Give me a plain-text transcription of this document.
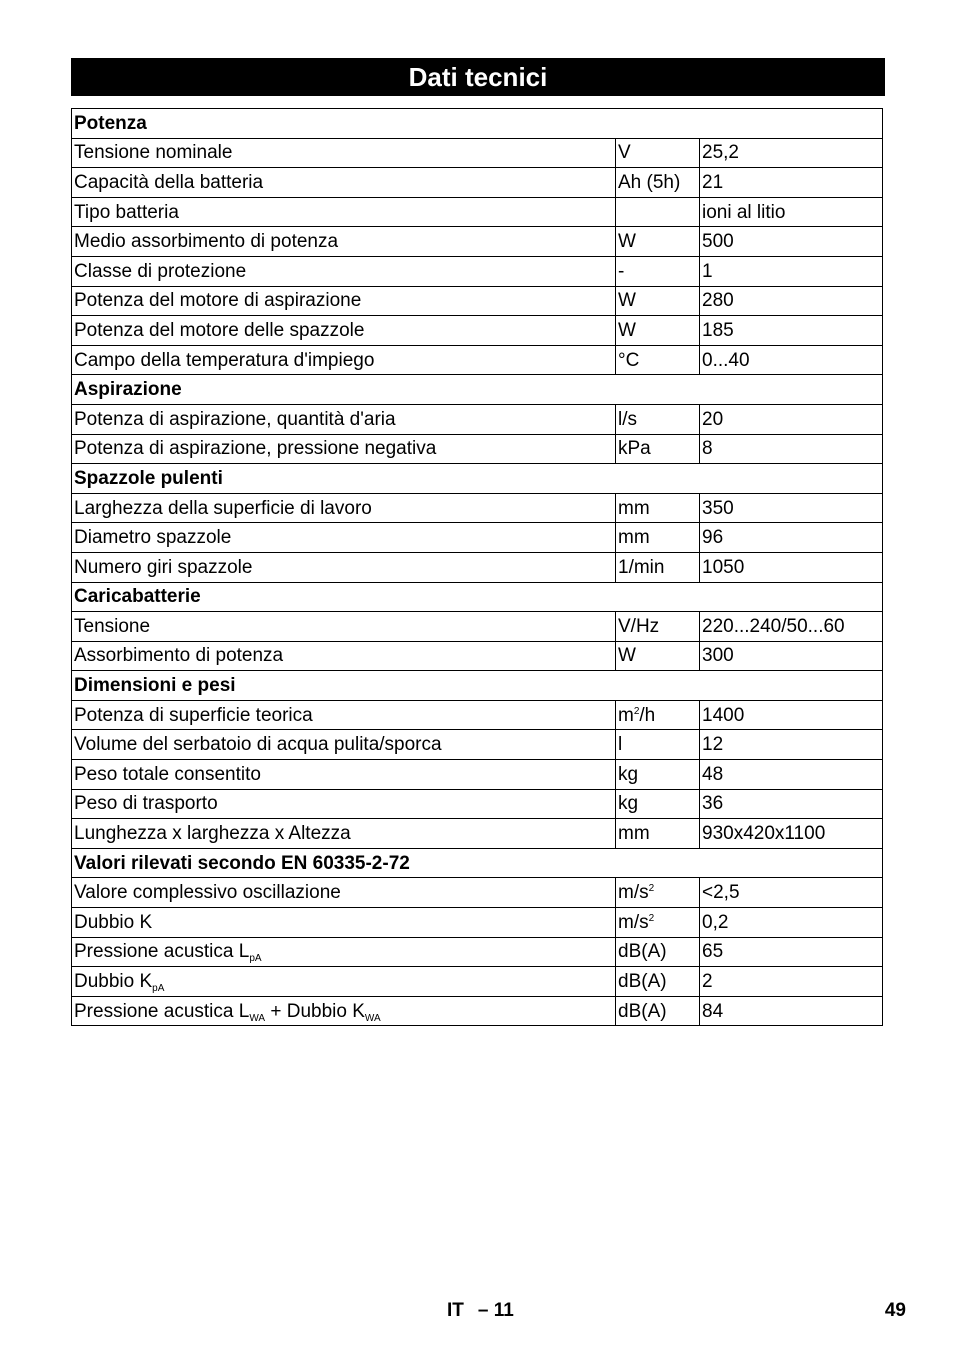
Dati tecnici
Potenza		
Tensione nominale	V	25,2
Capacità della batteria	Ah (5h)	21
Tipo batteria		ioni al litio
Medio assorbimento di potenza	W	500
Classe di protezione	-	1
Potenza del motore di aspirazione	W	280
Potenza del motore delle spazzole	W	185
Campo della temperatura d'impiego	°C	0...40
Aspirazione		
Potenza di aspirazione, quantità d'aria	l/s	20
Potenza di aspirazione, pressione negativa	kPa	8
Spazzole pulenti		
Larghezza della superficie di lavoro	mm	350
Diametro spazzole	mm	96
Numero giri spazzole	1/min	1050
Caricabatterie		
Tensione	V/Hz	220...240/50...60
Assorbimento di potenza	W	300
Dimensioni e pesi		
Potenza di superficie teorica	$m^2/h$	1400
Volume del serbatoio di acqua pulita/sporca	l	12
Peso totale consentito	kg	48
Peso di trasporto	kg	36
Lunghezza x larghezza x Altezza	mm	930x420x1100
Valori rilevati secondo EN 60335-2-72		
Valore complessivo oscillazione	$m/s^2$	<2,5
Dubbio K	$m/s^2$	0,2
Pressione acustica $L_{pA}$	dB(A)	65
Dubbio $K_{pA}$	dB(A)	2
Pressione acustica $L_{WA}$ + Dubbio $K_{WA}$	dB(A)	84
IT – 11	49
